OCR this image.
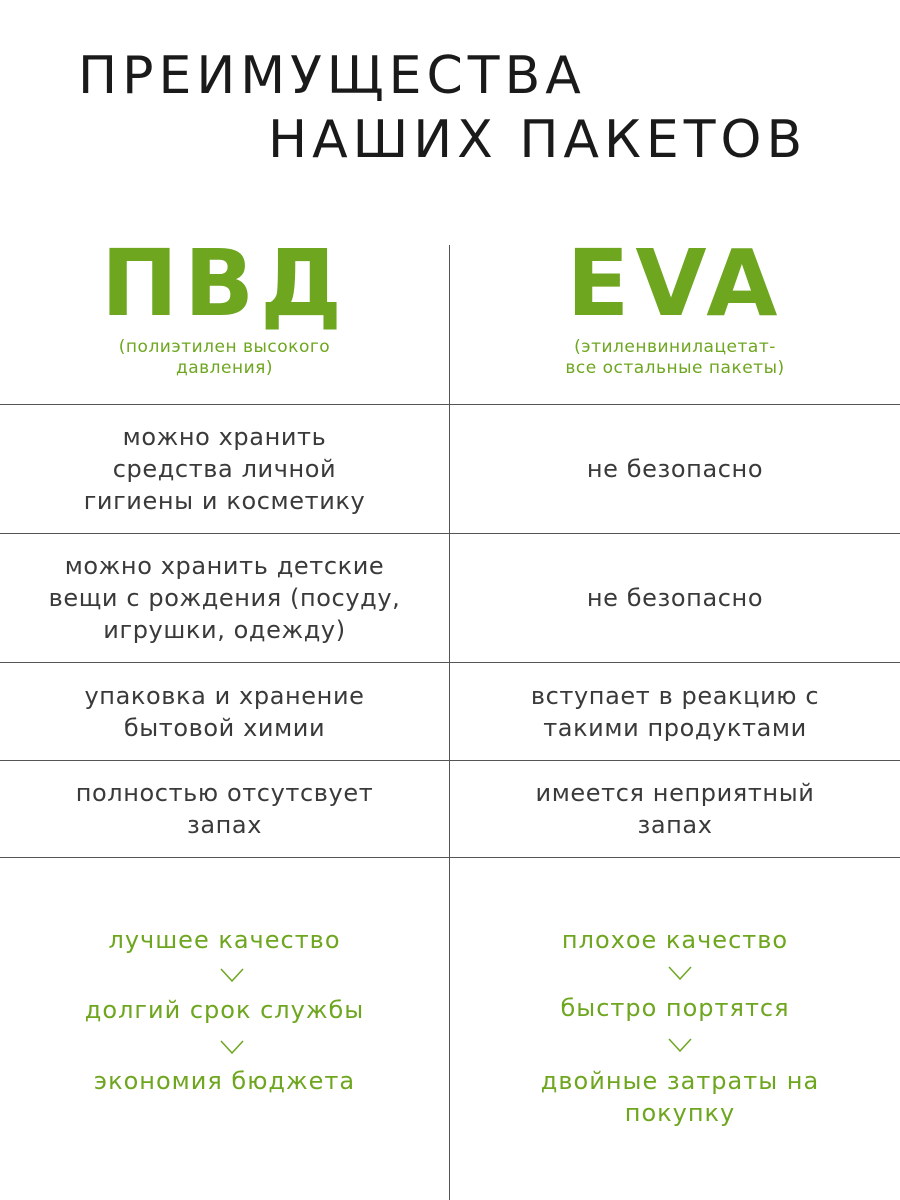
ПРЕИМУЩЕСТВА
НАШИХ ПАКЕТОВ
ПВД	EVA
(полиэтилен высокого давления)
(этиленвинилацетат-все остальные пакеты)
можно хранить средства личной гигиены и косметику
можно хранить детские вещи с рождения (посуду, игрушки, одежду)
упаковка и хранение бытовой химии
полностью отсутсвует запах
не безопасно
не безопасно
вступает в реакцию с такими продуктами
имеется неприятный запах
лучшее качество
долгий срок службы
экономия бюджета
плохое качество
быстро портятся
двойные затраты на покупку
